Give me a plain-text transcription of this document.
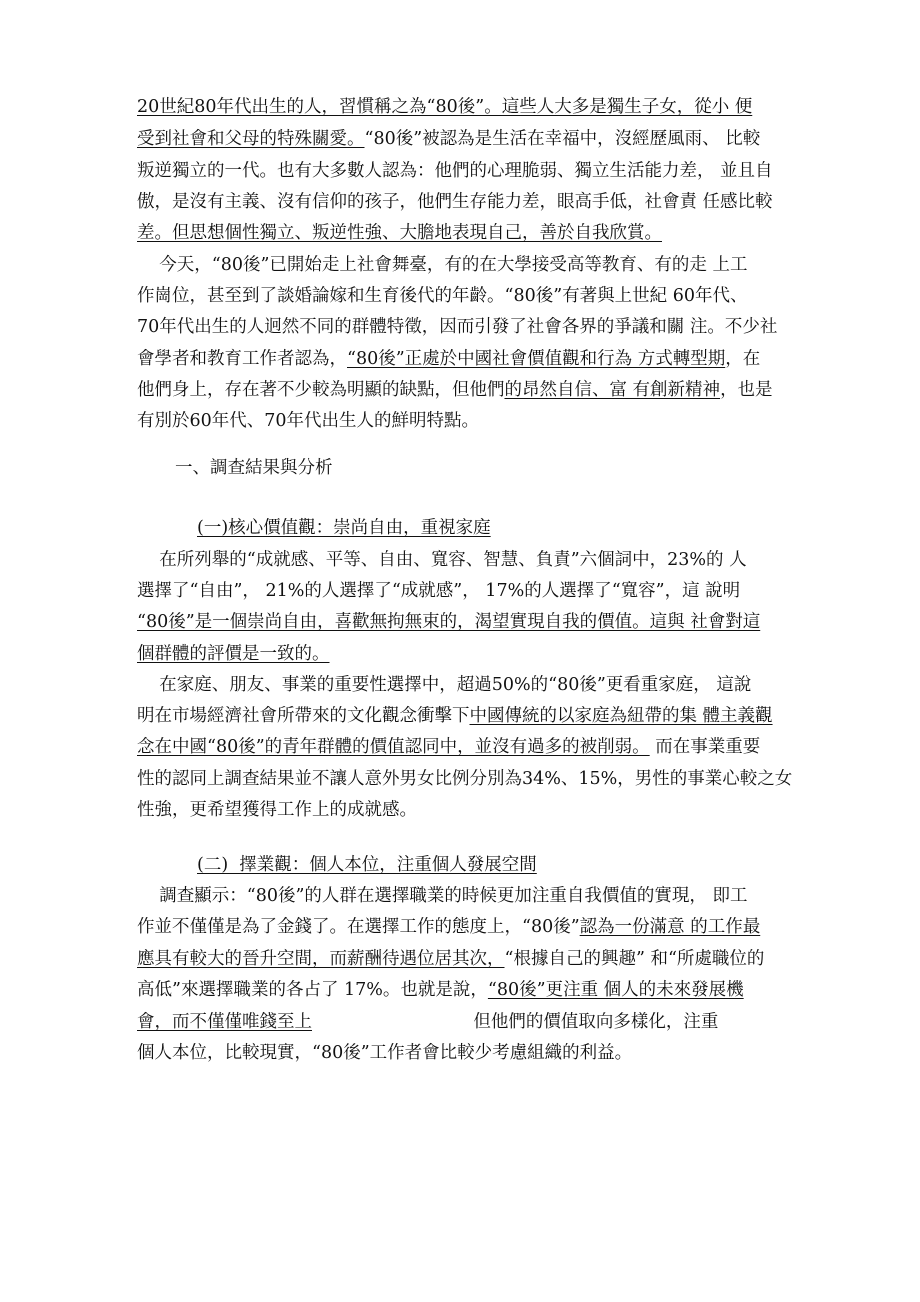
20世紀80年代出生的人，習慣稱之為“80後”。這些人大多是獨生子女，從小 便
受到社會和父母的特殊關愛。“80後”被認為是生活在幸福中，沒經歷風雨、 比較
叛逆獨立的一代。也有大多數人認為：他們的心理脆弱、獨立生活能力差， 並且自
傲，是沒有主義、沒有信仰的孩子，他們生存能力差，眼高手低，社會責 任感比較
差。但思想個性獨立、叛逆性強、大膽地表現自己，善於自我欣賞。
今天，“80後”已開始走上社會舞臺，有的在大學接受高等教育、有的走 上工
作崗位，甚至到了談婚論嫁和生育後代的年齡。“80後”有著與上世紀 60年代、
70年代出生的人迥然不同的群體特徵，因而引發了社會各界的爭議和關 注。不少社
會學者和教育工作者認為，“80後”正處於中國社會價值觀和行為 方式轉型期，在
他們身上，存在著不少較為明顯的缺點，但他們的昂然自信、富 有創新精神，也是
有別於60年代、70年代出生人的鮮明特點。
一、調查結果與分析
(一)核心價值觀：崇尚自由，重視家庭
在所列舉的“成就感、平等、自由、寬容、智慧、負責”六個詞中，23%的 人
選擇了“自由”， 21%的人選擇了“成就感”， 17%的人選擇了“寬容”，這 說明
“80後”是一個崇尚自由，喜歡無拘無束的，渴望實現自我的價值。這與 社會對這
個群體的評價是一致的。
在家庭、朋友、事業的重要性選擇中，超過50%的“80後”更看重家庭， 這說
明在市場經濟社會所帶來的文化觀念衝擊下中國傳統的以家庭為紐帶的集 體主義觀
念在中國“80後”的青年群體的價值認同中，並沒有過多的被削弱。 而在事業重要
性的認同上調查結果並不讓人意外男女比例分別為34%、15%，男性的事業心較之女
性強，更希望獲得工作上的成就感。
(二)  擇業觀：個人本位，注重個人發展空間
調查顯示：“80後”的人群在選擇職業的時候更加注重自我價值的實現， 即工
作並不僅僅是為了金錢了。在選擇工作的態度上，“80後”認為一份滿意 的工作最
應具有較大的晉升空間，而薪酬待遇位居其次，“根據自己的興趣” 和“所處職位的
高低”來選擇職業的各占了 17%。也就是說，“80後”更注重 個人的未來發展機
會，而不僅僅唯錢至上                             但他們的價值取向多樣化，注重
個人本位，比較現實，“80後”工作者會比較少考慮組織的利益。
